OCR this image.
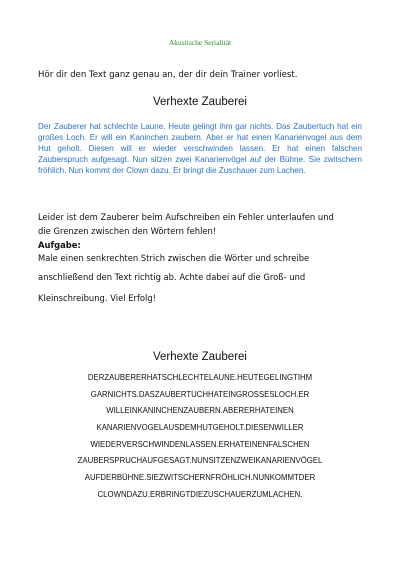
Akustische Serialität
Hör dir den Text ganz genau an, der dir dein Trainer vorliest.
Verhexte Zauberei

Der Zauberer hat schlechte Laune. Heute gelingt ihm gar nichts. Das Zaubertuch hat ein großes Loch. Er will ein Kaninchen zaubern. Aber er hat einen Kanarienvogel aus dem Hut geholt. Diesen will er wieder verschwinden lassen. Er hat einen falschen Zauberspruch aufgesagt. Nun sitzen zwei Kanarienvögel auf der Bühne. Sie zwitschern fröhlich. Nun kommt der Clown dazu. Er bringt die Zuschauer zum Lachen.

Leider ist dem Zauberer beim Aufschreiben ein Fehler unterlaufen und
die Grenzen zwischen den Wörtern fehlen!
Aufgabe:
Male einen senkrechten Strich zwischen die Wörter und schreibe
anschließend den Text richtig ab. Achte dabei auf die Groß- und
Kleinschreibung. Viel Erfolg!
Verhexte Zauberei
DERZAUBERERHATSCHLECHTELAUNE.HEUTEGELINGTIHM
GARNICHTS.DASZAUBERTUCHHATEINGROSSESLOCH.ER
WILLEINKANINCHENZAUBERN.ABERERHATEINEN
KANARIENVOGELAUSDEMHUTGEHOLT.DIESENWILLER
WIEDERVERSCHWINDENLASSEN.ERHATEINENFALSCHEN
ZAUBERSPRUCHAUFGESAGT.NUNSITZENZWEIKANARIENVÖGEL
AUFDERBÜHNE.SIEZWITSCHERNFRÖHLICH.NUNKOMMTDER
CLOWNDAZU.ERBRINGTDIEZUSCHAUERZUMLACHEN.
